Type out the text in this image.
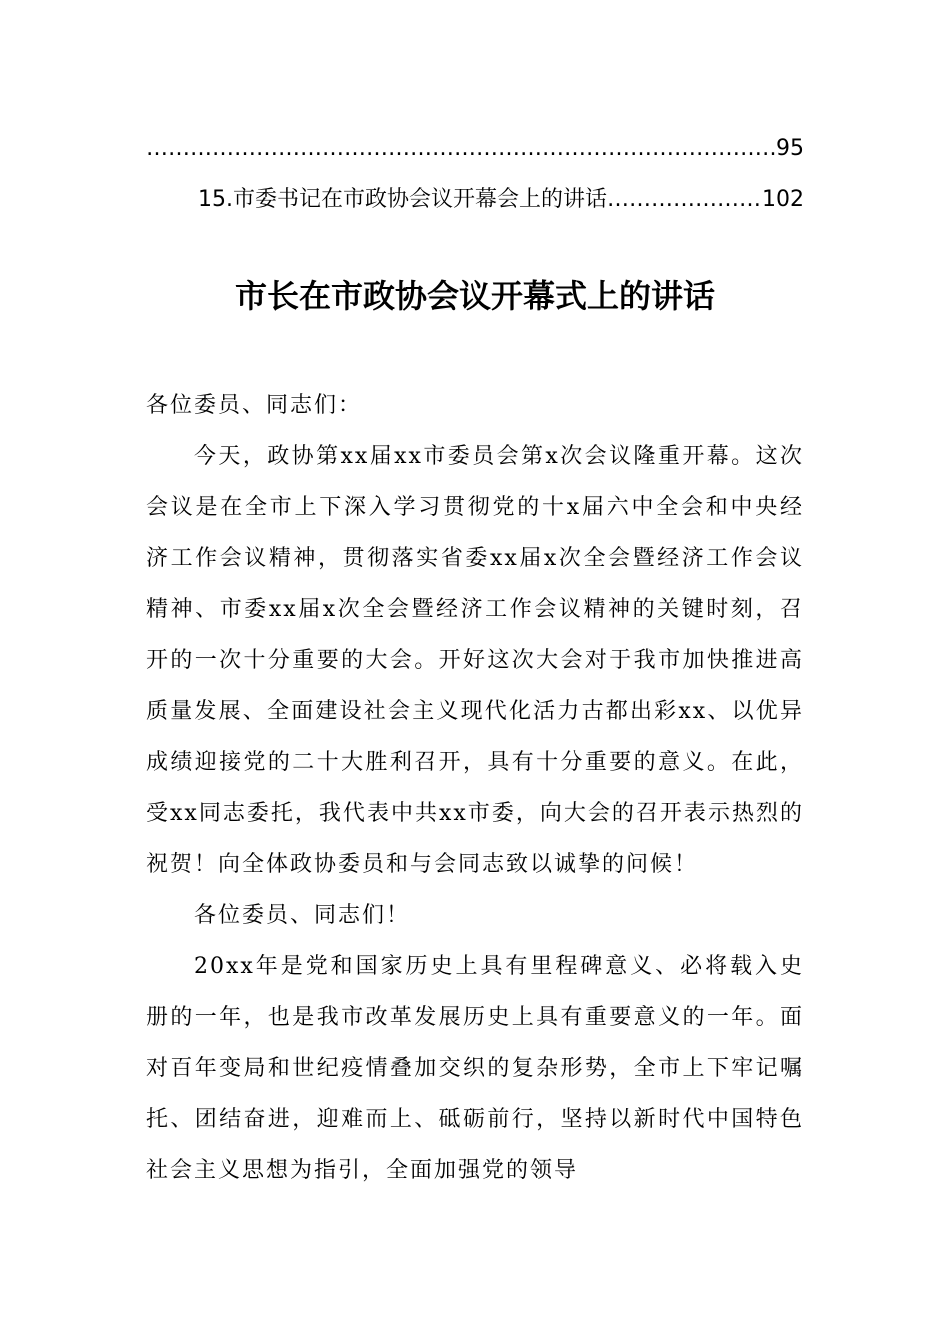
………………………………………………………………………………………………………………………………………………………………………………………………
95
15.市委书记在市政协会议开幕会上的讲话
………………………………………………………………………………………………………………………………………………………………………………………………	102
市长在市政协会议开幕式上的讲话

各位委员、同志们：

今天，政协第xx届xx市委员会第x次会议隆重开幕。这次会议是在全市上下深入学习贯彻党的十x届六中全会和中央经济工作会议精神，贯彻落实省委xx届x次全会暨经济工作会议精神、市委xx届x次全会暨经济工作会议精神的关键时刻，召开的一次十分重要的大会。开好这次大会对于我市加快推进高质量发展、全面建设社会主义现代化活力古都出彩xx、以优异成绩迎接党的二十大胜利召开，具有十分重要的意义。在此，受xx同志委托，我代表中共xx市委，向大会的召开表示热烈的祝贺！向全体政协委员和与会同志致以诚挚的问候！

各位委员、同志们！

20xx年是党和国家历史上具有里程碑意义、必将载入史册的一年，也是我市改革发展历史上具有重要意义的一年。面对百年变局和世纪疫情叠加交织的复杂形势，全市上下牢记嘱托、团结奋进，迎难而上、砥砺前行，坚持以新时代中国特色社会主义思想为指引，全面加强党的领导
